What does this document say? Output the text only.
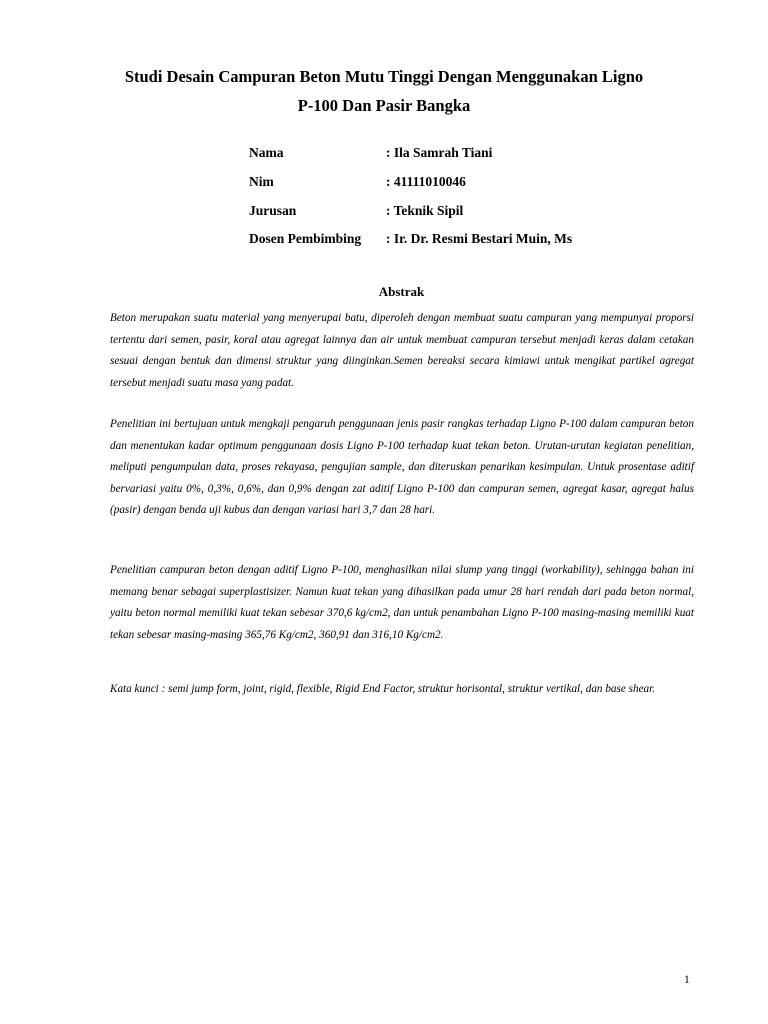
Studi Desain Campuran Beton Mutu Tinggi Dengan Menggunakan Ligno
P-100 Dan Pasir Bangka
Nama	: Ila Samrah Tiani
Nim	: 41111010046
Jurusan	: Teknik Sipil
Dosen Pembimbing	: Ir. Dr. Resmi Bestari Muin, Ms
Abstrak

Beton merupakan suatu material yang menyerupai batu, diperoleh dengan membuat suatu campuran yang mempunyai proporsi tertentu dari semen, pasir, koral atau agregat lainnya dan air untuk membuat campuran tersebut menjadi keras dalam cetakan sesuai dengan bentuk dan dimensi struktur yang diinginkan.Semen bereaksi secara kimiawi untuk mengikat partikel agregat tersebut menjadi suatu masa yang padat.

Penelitian ini bertujuan untuk mengkaji pengaruh penggunaan jenis pasir rangkas terhadap Ligno P-100 dalam campuran beton dan menentukan kadar optimum penggunaan dosis Ligno P-100 terhadap kuat tekan beton. Urutan-urutan kegiatan penelitian, meliputi pengumpulan data, proses rekayasa, pengujian sample, dan diteruskan penarikan kesimpulan. Untuk prosentase aditif bervariasi yaitu 0%, 0,3%, 0,6%, dan 0,9% dengan zat aditif Ligno P-100 dan campuran semen, agregat kasar, agregat halus (pasir) dengan benda uji kubus dan dengan variasi hari 3,7 dan 28 hari.

Penelitian campuran beton dengan aditif Ligno P-100, menghasilkan nilai slump yang tinggi (workability), sehingga bahan ini memang benar sebagai superplastisizer. Namun kuat tekan yang dihasilkan pada umur 28 hari rendah dari pada beton normal, yaitu beton normal memiliki kuat tekan sebesar 370,6 kg/cm2, dan untuk penambahan Ligno P-100 masing-masing memiliki kuat tekan sebesar masing-masing 365,76 Kg/cm2, 360,91 dan 316,10 Kg/cm2.

Kata kunci : semi jump form, joint, rigid, flexible, Rigid End Factor, struktur horisontal, struktur vertikal, dan base shear.

1
